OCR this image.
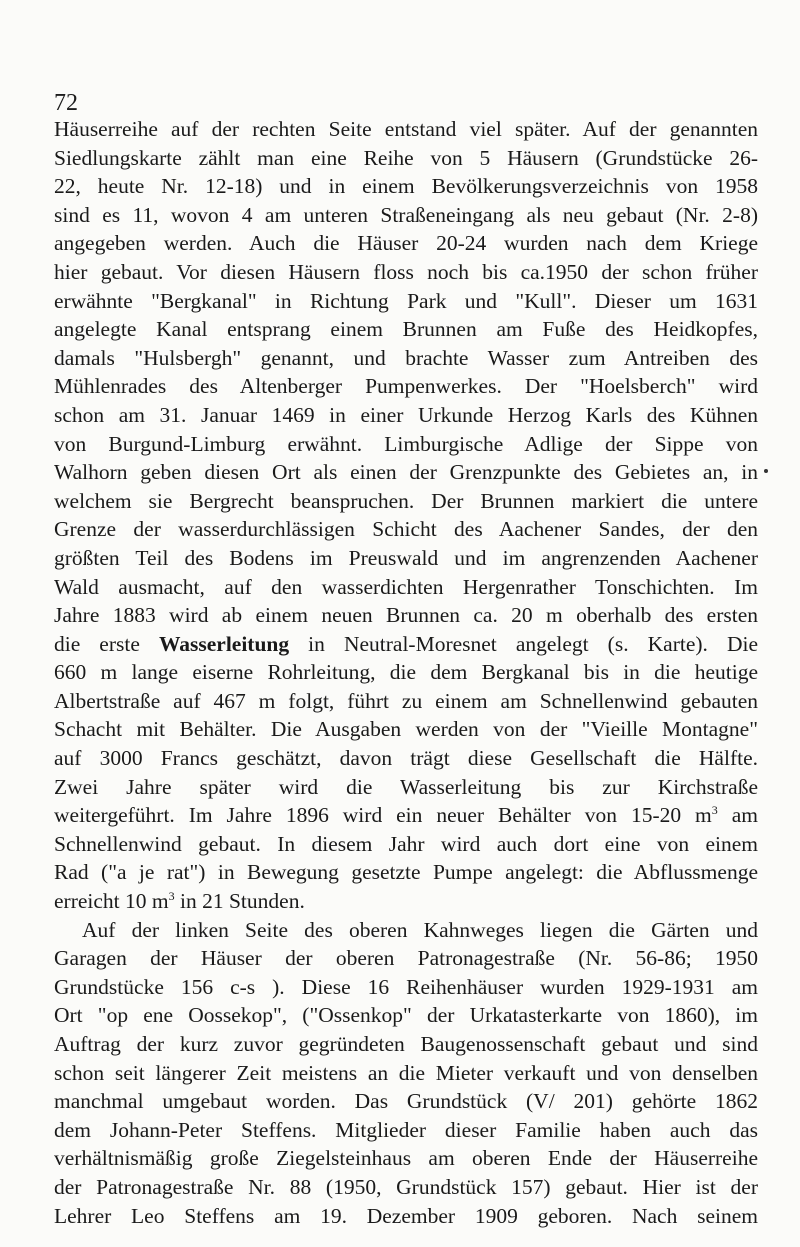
72
Häuserreihe auf der rechten Seite entstand viel später. Auf der genannten
Siedlungskarte zählt man eine Reihe von 5 Häusern (Grundstücke 26-
22, heute Nr. 12-18) und in einem Bevölkerungsverzeichnis von 1958
sind es 11, wovon 4 am unteren Straßeneingang als neu gebaut (Nr. 2-8)
angegeben werden. Auch die Häuser 20-24 wurden nach dem Kriege
hier gebaut. Vor diesen Häusern floss noch bis ca.1950 der schon früher
erwähnte "Bergkanal" in Richtung Park und "Kull". Dieser um 1631
angelegte Kanal entsprang einem Brunnen am Fuße des Heidkopfes,
damals "Hulsbergh" genannt, und brachte Wasser zum Antreiben des
Mühlenrades des Altenberger Pumpenwerkes. Der "Hoelsberch" wird
schon am 31. Januar 1469 in einer Urkunde Herzog Karls des Kühnen
von Burgund-Limburg erwähnt. Limburgische Adlige der Sippe von
Walhorn geben diesen Ort als einen der Grenzpunkte des Gebietes an, in
welchem sie Bergrecht beanspruchen. Der Brunnen markiert die untere
Grenze der wasserdurchlässigen Schicht des Aachener Sandes, der den
größten Teil des Bodens im Preuswald und im angrenzenden Aachener
Wald ausmacht, auf den wasserdichten Hergenrather Tonschichten. Im
Jahre 1883 wird ab einem neuen Brunnen ca. 20 m oberhalb des ersten
die erste Wasserleitung in Neutral-Moresnet angelegt (s. Karte). Die
660 m lange eiserne Rohrleitung, die dem Bergkanal bis in die heutige
Albertstraße auf 467 m folgt, führt zu einem am Schnellenwind gebauten
Schacht mit Behälter. Die Ausgaben werden von der "Vieille Montagne"
auf 3000 Francs geschätzt, davon trägt diese Gesellschaft die Hälfte.
Zwei Jahre später wird die Wasserleitung bis zur Kirchstraße
weitergeführt. Im Jahre 1896 wird ein neuer Behälter von 15-20 $m^3$ am
Schnellenwind gebaut. In diesem Jahr wird auch dort eine von einem
Rad ("a je rat") in Bewegung gesetzte Pumpe angelegt: die Abflussmenge
erreicht 10 $m^3$ in 21 Stunden.
Auf der linken Seite des oberen Kahnweges liegen die Gärten und
Garagen der Häuser der oberen Patronagestraße (Nr. 56-86; 1950
Grundstücke 156 c-s ). Diese 16 Reihenhäuser wurden 1929-1931 am
Ort "op ene Oossekop", ("Ossenkop" der Urkatasterkarte von 1860), im
Auftrag der kurz zuvor gegründeten Baugenossenschaft gebaut und sind
schon seit längerer Zeit meistens an die Mieter verkauft und von denselben
manchmal umgebaut worden. Das Grundstück (V/ 201) gehörte 1862
dem Johann-Peter Steffens. Mitglieder dieser Familie haben auch das
verhältnismäßig große Ziegelsteinhaus am oberen Ende der Häuserreihe
der Patronagestraße Nr. 88 (1950, Grundstück 157) gebaut. Hier ist der
Lehrer Leo Steffens am 19. Dezember 1909 geboren. Nach seinem
